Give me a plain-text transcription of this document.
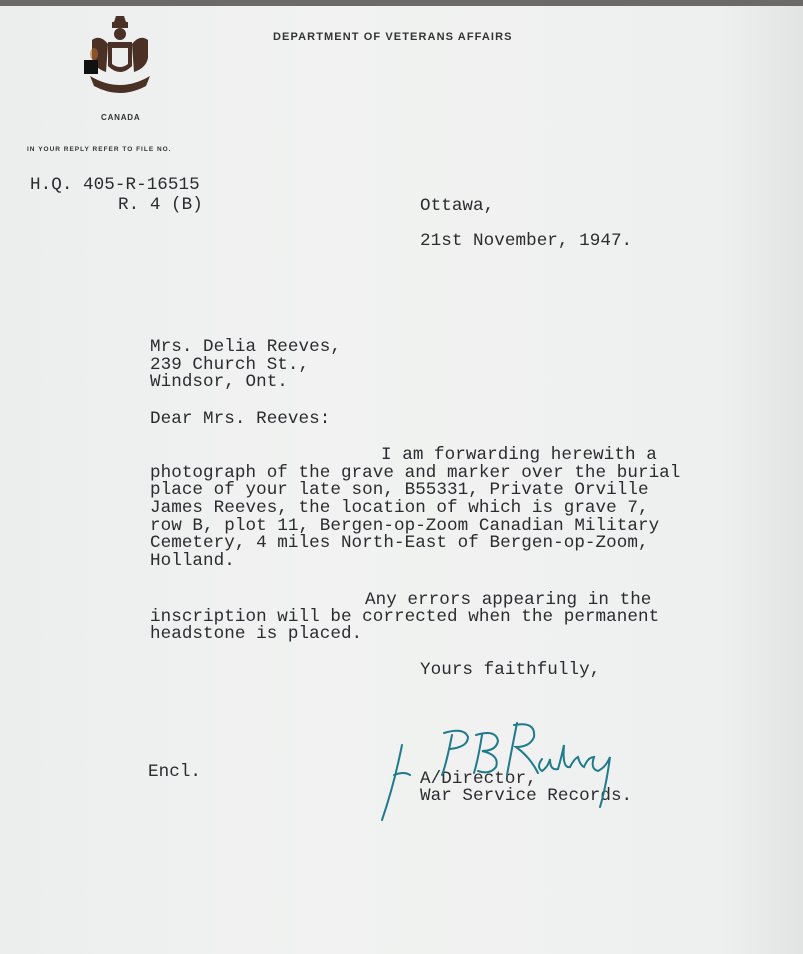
DEPARTMENT OF VETERANS AFFAIRS
CANADA
IN YOUR REPLY REFER TO FILE NO.
H.Q. 405-R-16515
R. 4 (B)	Ottawa,
21st November, 1947.
Mrs. Delia Reeves,
239 Church St.,
Windsor, Ont.
Dear Mrs. Reeves:
I am forwarding herewith a
photograph of the grave and marker over the burial
place of your late son, B55331, Private Orville
James Reeves, the location of which is grave 7,
row B, plot 11, Bergen-op-Zoom Canadian Military
Cemetery, 4 miles North-East of Bergen-op-Zoom,
Holland.
Any errors appearing in the
inscription will be corrected when the permanent
headstone is placed.
Yours faithfully,
Encl.	A/Director,
War Service Records.
